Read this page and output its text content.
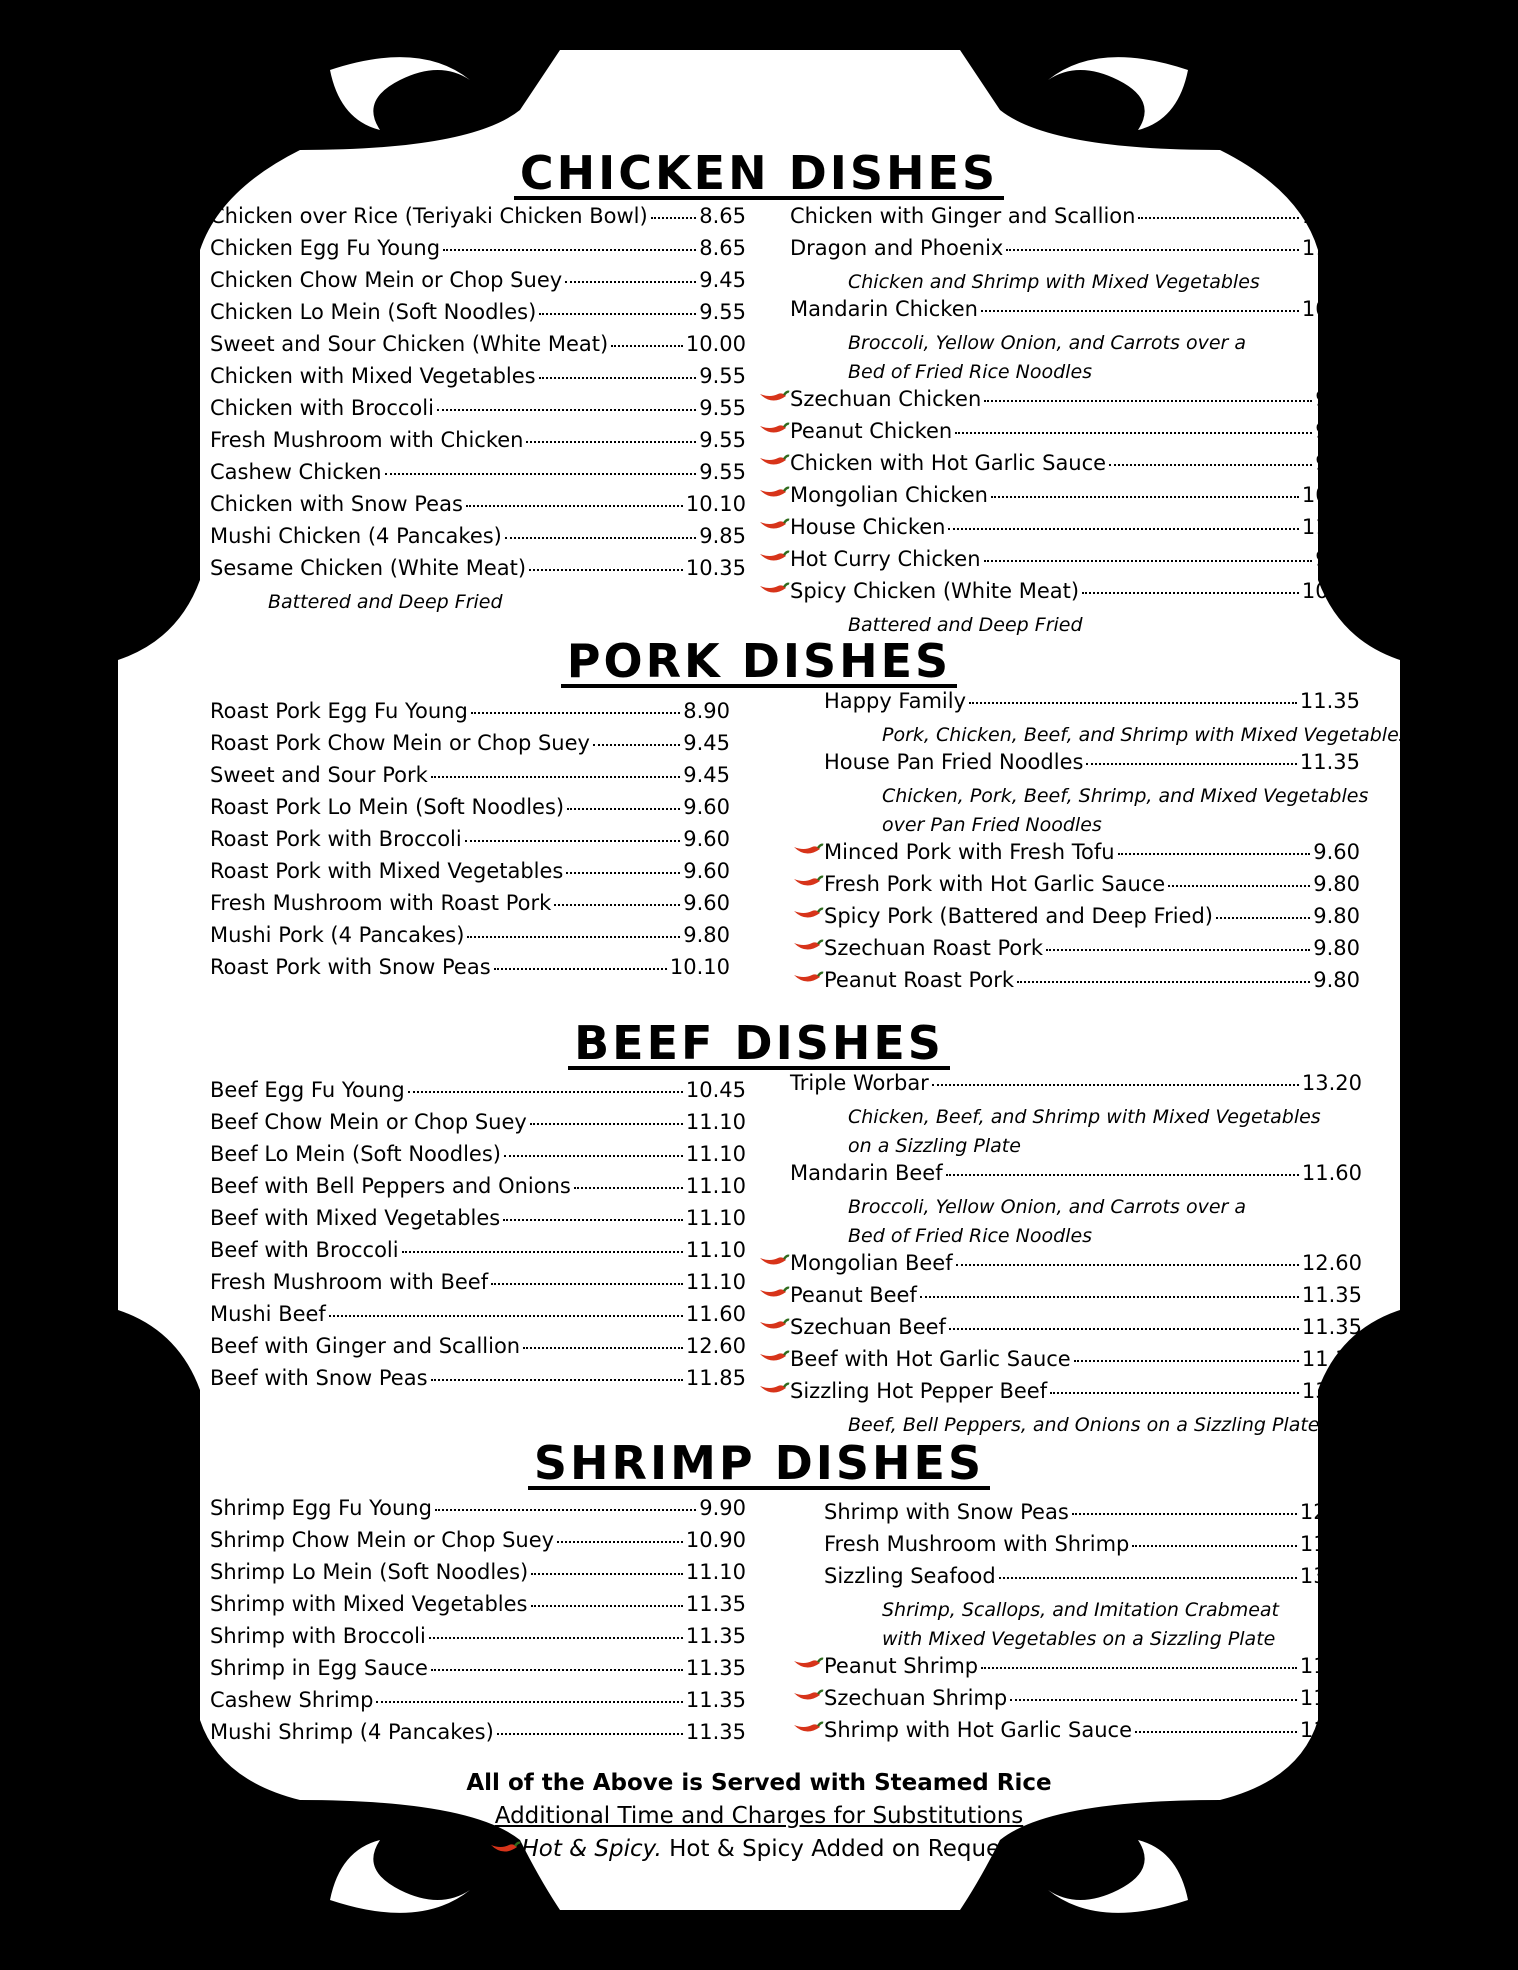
CHICKEN DISHES
Chicken over Rice (Teriyaki Chicken Bowl) 8.65
Chicken Egg Fu Young	8.65
Chicken Chow Mein or Chop Suey	9.45
Chicken Lo Mein (Soft Noodles)	9.55
Sweet and Sour Chicken (White Meat)	10.00
Chicken with Mixed Vegetables	9.55
Chicken with Broccoli	9.55
Fresh Mushroom with Chicken	9.55
Cashew Chicken	9.55
Chicken with Snow Peas	10.10
Mushi Chicken (4 Pancakes)	9.85
Sesame Chicken (White Meat)	10.35
Battered and Deep Fried
Chicken with Ginger and Scallion	11.10
Dragon and Phoenix	11.35
Chicken and Shrimp with Mixed Vegetables
Mandarin Chicken	10.10
Broccoli, Yellow Onion, and Carrots over a
Bed of Fried Rice Noodles
Szechuan Chicken	9.85
Peanut Chicken	9.85
Chicken with Hot Garlic Sauce	9.85
Mongolian Chicken	10.85
House Chicken	11.10
Hot Curry Chicken	9.85
Spicy Chicken (White Meat)	10.85
Battered and Deep Fried
PORK DISHES
Roast Pork Egg Fu Young	8.90
Roast Pork Chow Mein or Chop Suey	9.45
Sweet and Sour Pork	9.45
Roast Pork Lo Mein (Soft Noodles)	9.60
Roast Pork with Broccoli	9.60
Roast Pork with Mixed Vegetables	9.60
Fresh Mushroom with Roast Pork	9.60
Mushi Pork (4 Pancakes)	9.80
Roast Pork with Snow Peas	10.10
Happy Family	11.35
Pork, Chicken, Beef, and Shrimp with Mixed Vegetables
House Pan Fried Noodles	11.35
Chicken, Pork, Beef, Shrimp, and Mixed Vegetables
over Pan Fried Noodles
Minced Pork with Fresh Tofu	9.60
Fresh Pork with Hot Garlic Sauce	9.80
Spicy Pork (Battered and Deep Fried)	9.80
Szechuan Roast Pork	9.80
Peanut Roast Pork	9.80
BEEF DISHES
Beef Egg Fu Young	10.45
Beef Chow Mein or Chop Suey	11.10
Beef Lo Mein (Soft Noodles)	11.10
Beef with Bell Peppers and Onions	11.10
Beef with Mixed Vegetables	11.10
Beef with Broccoli	11.10
Fresh Mushroom with Beef	11.10
Mushi Beef	11.60
Beef with Ginger and Scallion	12.60
Beef with Snow Peas	11.85
Triple Worbar	13.20
Chicken, Beef, and Shrimp with Mixed Vegetables
on a Sizzling Plate
Mandarin Beef	11.60
Broccoli, Yellow Onion, and Carrots over a
Bed of Fried Rice Noodles
Mongolian Beef	12.60
Peanut Beef	11.35
Szechuan Beef	11.35
Beef with Hot Garlic Sauce	11.35
Sizzling Hot Pepper Beef	13.10
Beef, Bell Peppers, and Onions on a Sizzling Plate
SHRIMP DISHES
Shrimp Egg Fu Young	9.90
Shrimp Chow Mein or Chop Suey	10.90
Shrimp Lo Mein (Soft Noodles)	11.10
Shrimp with Mixed Vegetables	11.35
Shrimp with Broccoli	11.35
Shrimp in Egg Sauce	11.35
Cashew Shrimp	11.35
Mushi Shrimp (4 Pancakes)	11.35
Shrimp with Snow Peas	12.10
Fresh Mushroom with Shrimp	11.35
Sizzling Seafood	13.80
Shrimp, Scallops, and Imitation Crabmeat
with Mixed Vegetables on a Sizzling Plate
Peanut Shrimp	11.60
Szechuan Shrimp	11.60
Shrimp with Hot Garlic Sauce	11.60
All of the Above is Served with Steamed Rice
Additional Time and Charges for Substitutions
Hot & Spicy. Hot & Spicy Added on Request.
